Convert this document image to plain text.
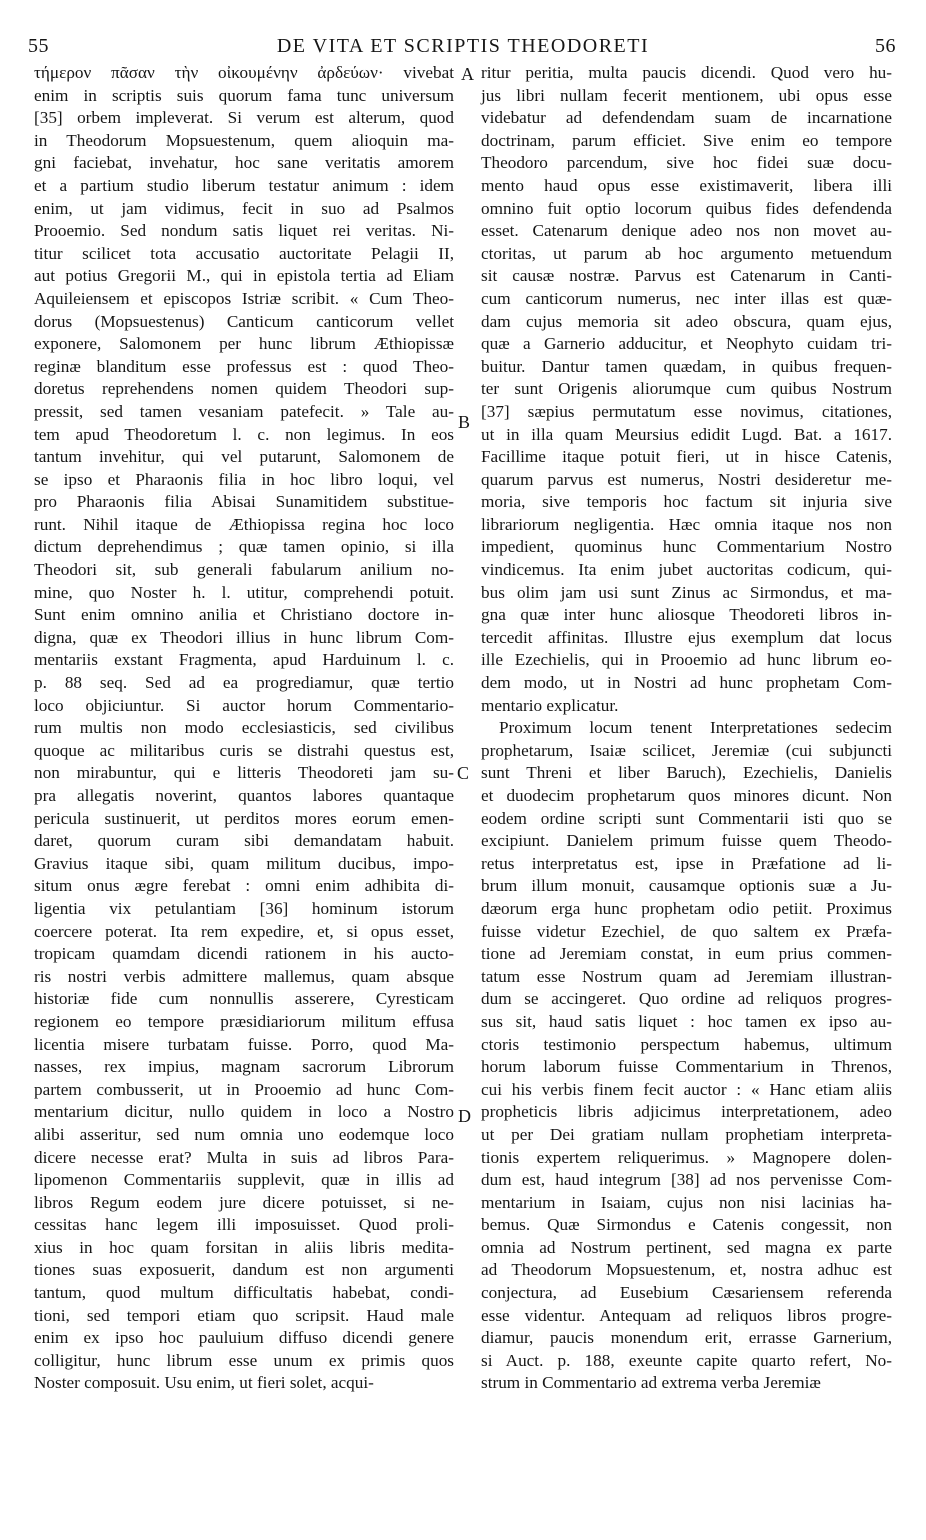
55	DE VITA ET SCRIPTIS THEODORETI	56
τήμερον πᾶσαν τὴν οἰκουμένην ἀρδεύων· vivebat
enim in scriptis suis quorum fama tunc universum
[35] orbem impleverat. Si verum est alterum, quod
in Theodorum Mopsuestenum, quem alioquin ma-
gni faciebat, invehatur, hoc sane veritatis amorem
et a partium studio liberum testatur animum : idem
enim, ut jam vidimus, fecit in suo ad Psalmos
Prooemio. Sed nondum satis liquet rei veritas. Ni-
titur scilicet tota accusatio auctoritate Pelagii II,
aut potius Gregorii M., qui in epistola tertia ad Eliam
Aquileiensem et episcopos Istriæ scribit. « Cum Theo-
dorus (Mopsuestenus) Canticum canticorum vellet
exponere, Salomonem per hunc librum Æthiopissæ
reginæ blanditum esse professus est : quod Theo-
doretus reprehendens nomen quidem Theodori sup-
pressit, sed tamen vesaniam patefecit. » Tale au-
tem apud Theodoretum l. c. non legimus. In eos
tantum invehitur, qui vel putarunt, Salomonem de
se ipso et Pharaonis filia in hoc libro loqui, vel
pro Pharaonis filia Abisai Sunamitidem substitue-
runt. Nihil itaque de Æthiopissa regina hoc loco
dictum deprehendimus ; quæ tamen opinio, si illa
Theodori sit, sub generali fabularum anilium no-
mine, quo Noster h. l. utitur, comprehendi potuit.
Sunt enim omnino anilia et Christiano doctore in-
digna, quæ ex Theodori illius in hunc librum Com-
mentariis exstant Fragmenta, apud Harduinum l. c.
p. 88 seq. Sed ad ea progrediamur, quæ tertio
loco objiciuntur. Si auctor horum Commentario-
rum multis non modo ecclesiasticis, sed civilibus
quoque ac militaribus curis se distrahi questus est,
non mirabuntur, qui e litteris Theodoreti jam su-
pra allegatis noverint, quantos labores quantaque
pericula sustinuerit, ut perditos mores eorum emen-
daret, quorum curam sibi demandatam habuit.
Gravius itaque sibi, quam militum ducibus, impo-
situm onus ægre ferebat : omni enim adhibita di-
ligentia vix petulantiam [36] hominum istorum
coercere poterat. Ita rem expedire, et, si opus esset,
tropicam quamdam dicendi rationem in his aucto-
ris nostri verbis admittere mallemus, quam absque
historiæ fide cum nonnullis asserere, Cyresticam
regionem eo tempore præsidiariorum militum effusa
licentia misere turbatam fuisse. Porro, quod Ma-
nasses, rex impius, magnam sacrorum Librorum
partem combusserit, ut in Prooemio ad hunc Com-
mentarium dicitur, nullo quidem in loco a Nostro
alibi asseritur, sed num omnia uno eodemque loco
dicere necesse erat? Multa in suis ad libros Para-
lipomenon Commentariis supplevit, quæ in illis ad
libros Regum eodem jure dicere potuisset, si ne-
cessitas hanc legem illi imposuisset. Quod proli-
xius in hoc quam forsitan in aliis libris medita-
tiones suas exposuerit, dandum est non argumenti
tantum, quod multum difficultatis habebat, condi-
tioni, sed tempori etiam quo scripsit. Haud male
enim ex ipso hoc pauluium diffuso dicendi genere
colligitur, hunc librum esse unum ex primis quos
Noster composuit. Usu enim, ut fieri solet, acqui-
ritur peritia, multa paucis dicendi. Quod vero hu-
jus libri nullam fecerit mentionem, ubi opus esse
videbatur ad defendendam suam de incarnatione
doctrinam, parum efficiet. Sive enim eo tempore
Theodoro parcendum, sive hoc fidei suæ docu-
mento haud opus esse existimaverit, libera illi
omnino fuit optio locorum quibus fides defendenda
esset. Catenarum denique adeo nos non movet au-
ctoritas, ut parum ab hoc argumento metuendum
sit causæ nostræ. Parvus est Catenarum in Canti-
cum canticorum numerus, nec inter illas est quæ-
dam cujus memoria sit adeo obscura, quam ejus,
quæ a Garnerio adducitur, et Neophyto cuidam tri-
buitur. Dantur tamen quædam, in quibus frequen-
ter sunt Origenis aliorumque cum quibus Nostrum
[37] sæpius permutatum esse novimus, citationes,
ut in illa quam Meursius edidit Lugd. Bat. a 1617.
Facillime itaque potuit fieri, ut in hisce Catenis,
quarum parvus est numerus, Nostri desideretur me-
moria, sive temporis hoc factum sit injuria sive
librariorum negligentia. Hæc omnia itaque nos non
impedient, quominus hunc Commentarium Nostro
vindicemus. Ita enim jubet auctoritas codicum, qui-
bus olim jam usi sunt Zinus ac Sirmondus, et ma-
gna quæ inter hunc aliosque Theodoreti libros in-
tercedit affinitas. Illustre ejus exemplum dat locus
ille Ezechielis, qui in Prooemio ad hunc librum eo-
dem modo, ut in Nostri ad hunc prophetam Com-
mentario explicatur.
Proximum locum tenent Interpretationes sedecim
prophetarum, Isaiæ scilicet, Jeremiæ (cui subjuncti
sunt Threni et liber Baruch), Ezechielis, Danielis
et duodecim prophetarum quos minores dicunt. Non
eodem ordine scripti sunt Commentarii isti quo se
excipiunt. Danielem primum fuisse quem Theodo-
retus interpretatus est, ipse in Præfatione ad li-
brum illum monuit, causamque optionis suæ a Ju-
dæorum erga hunc prophetam odio petiit. Proximus
fuisse videtur Ezechiel, de quo saltem ex Præfa-
tione ad Jeremiam constat, in eum prius commen-
tatum esse Nostrum quam ad Jeremiam illustran-
dum se accingeret. Quo ordine ad reliquos progres-
sus sit, haud satis liquet : hoc tamen ex ipso au-
ctoris testimonio perspectum habemus, ultimum
horum laborum fuisse Commentarium in Threnos,
cui his verbis finem fecit auctor : « Hanc etiam aliis
propheticis libris adjicimus interpretationem, adeo
ut per Dei gratiam nullam prophetiam interpreta-
tionis expertem reliquerimus. » Magnopere dolen-
dum est, haud integrum [38] ad nos pervenisse Com-
mentarium in Isaiam, cujus non nisi lacinias ha-
bemus. Quæ Sirmondus e Catenis congessit, non
omnia ad Nostrum pertinent, sed magna ex parte
ad Theodorum Mopsuestenum, et, nostra adhuc est
conjectura, ad Eusebium Cæsariensem referenda
esse videntur. Antequam ad reliquos libros progre-
diamur, paucis monendum erit, errasse Garnerium,
si Auct. p. 188, exeunte capite quarto refert, No-
strum in Commentario ad extrema verba Jeremiæ
A
B
C
D
